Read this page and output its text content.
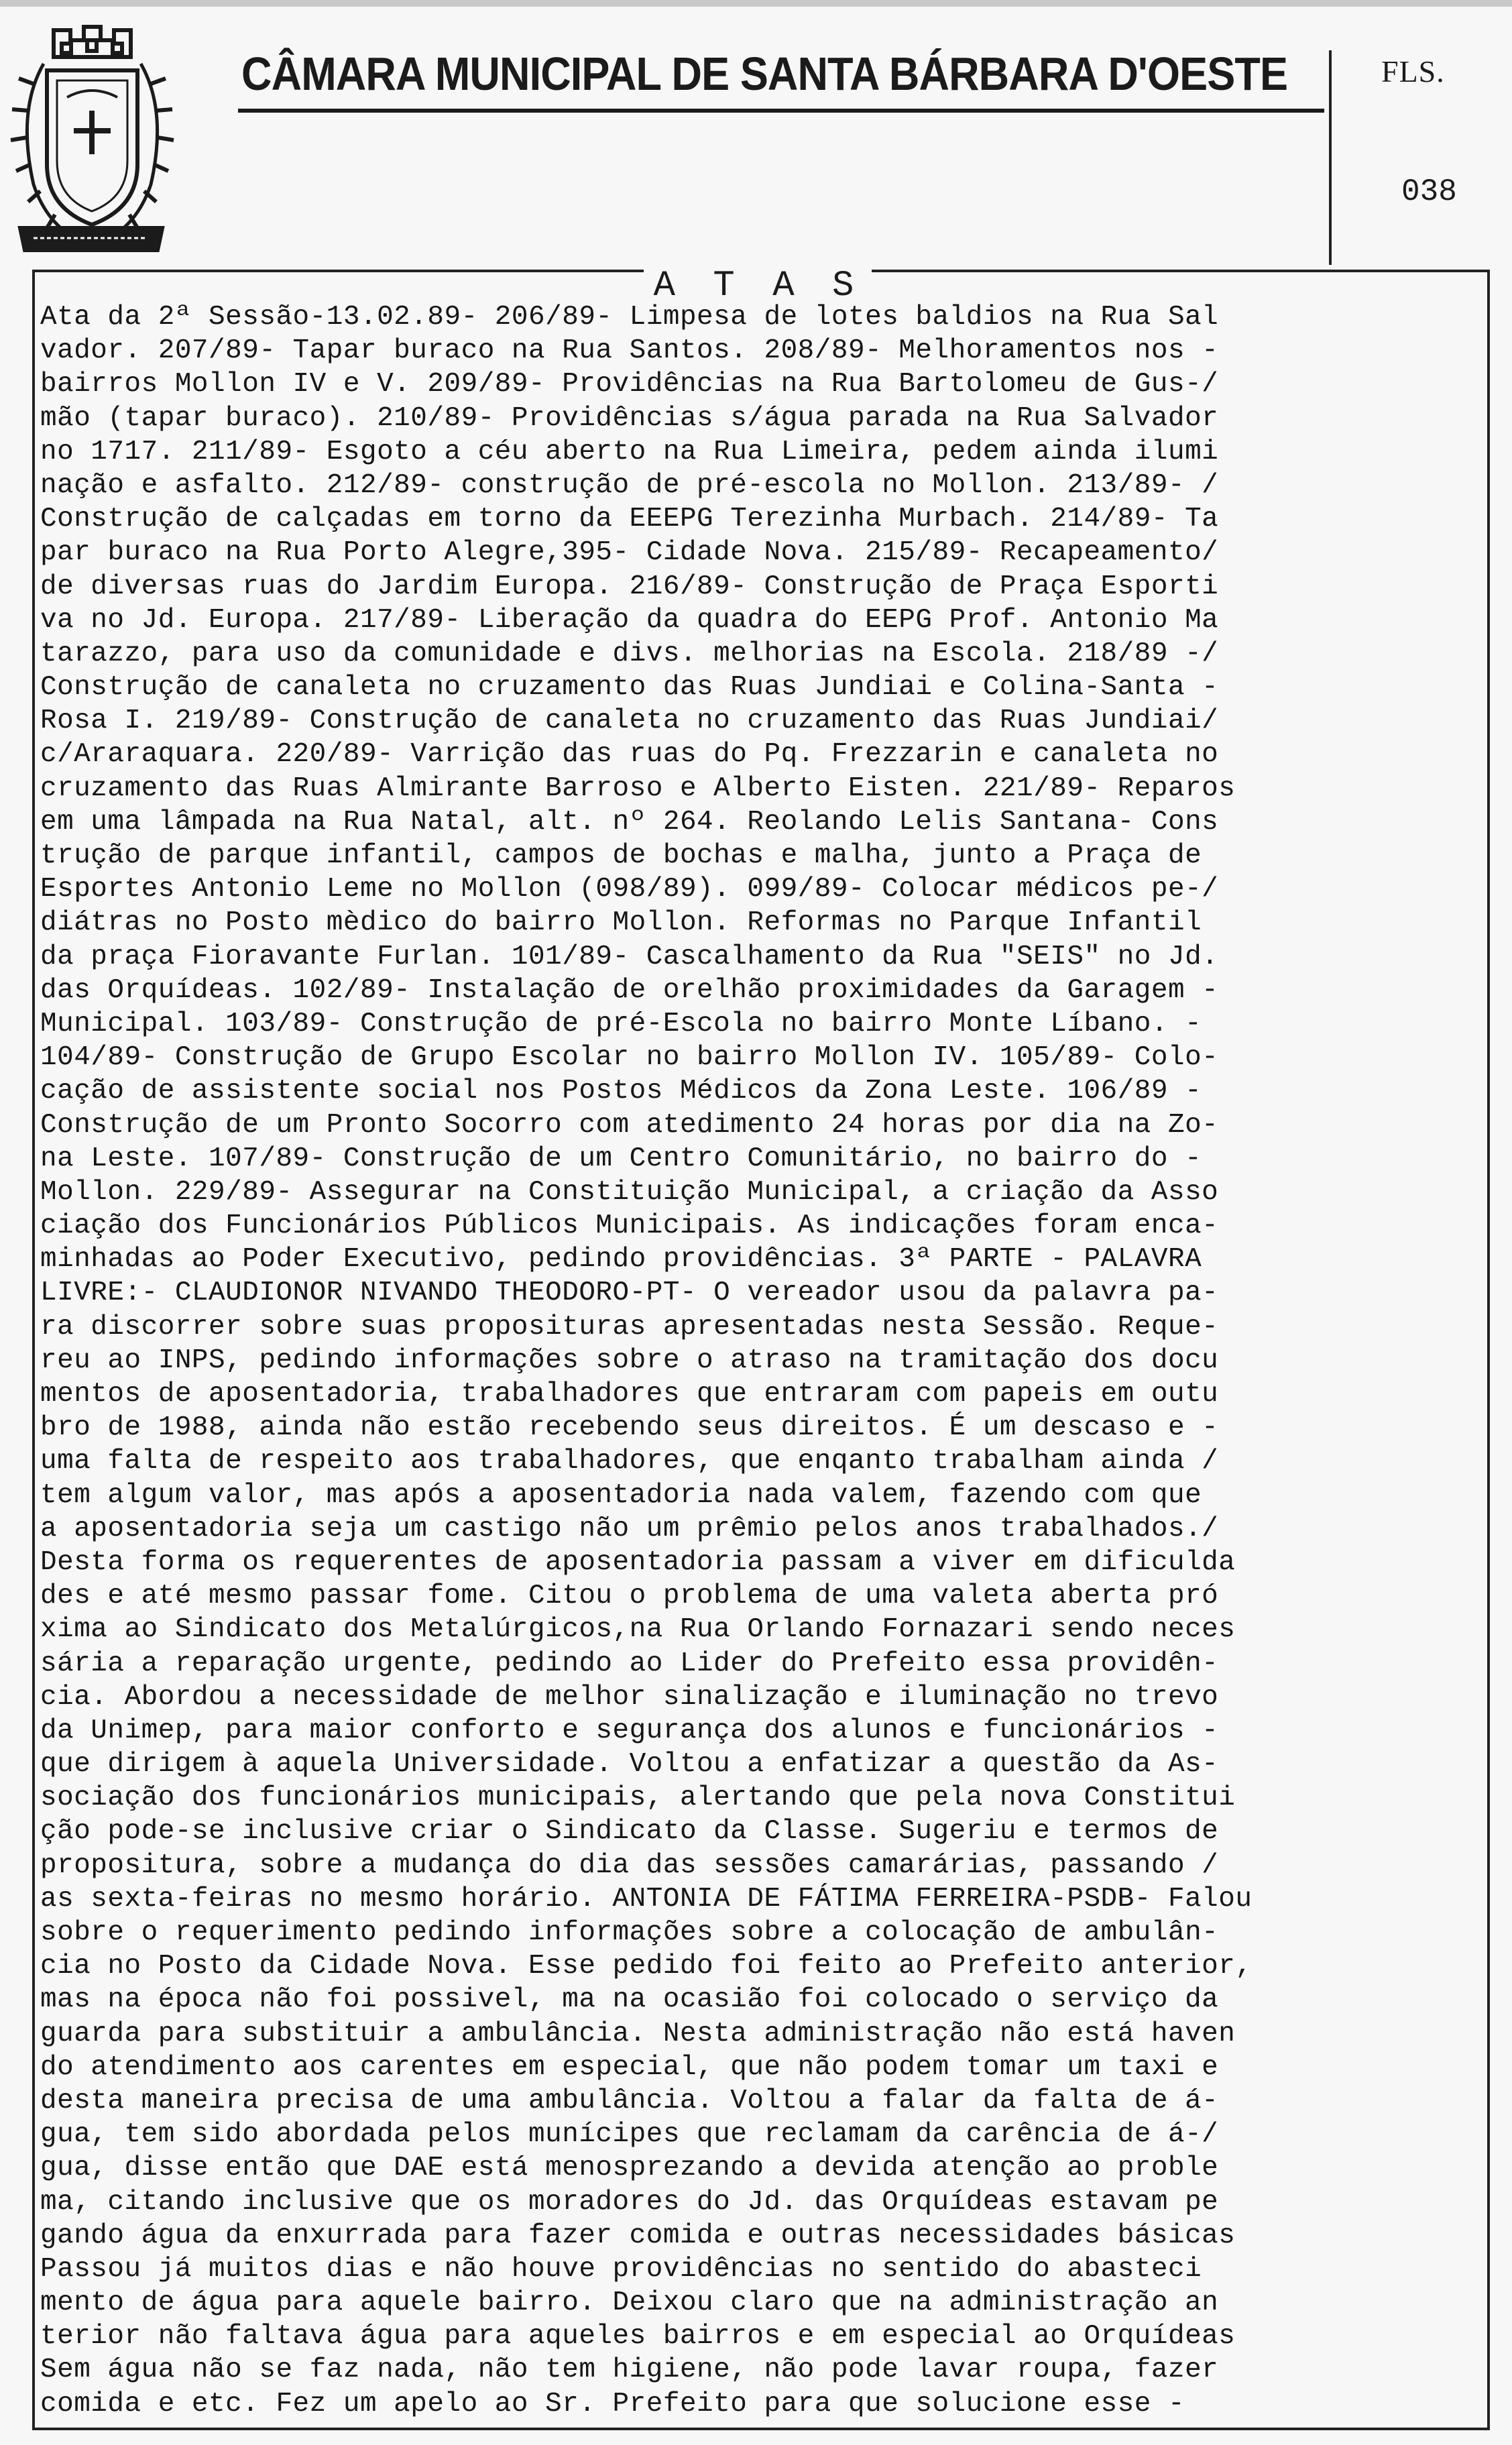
CÂMARA MUNICIPAL DE SANTA BÁRBARA D'OESTE	FLS.
038
A T A S
Ata da 2ª Sessão-13.02.89- 206/89- Limpesa de lotes baldios na Rua Sal
vador. 207/89- Tapar buraco na Rua Santos. 208/89- Melhoramentos nos -
bairros Mollon IV e V. 209/89- Providências na Rua Bartolomeu de Gus-/
mão (tapar buraco). 210/89- Providências s/água parada na Rua Salvador
no 1717. 211/89- Esgoto a céu aberto na Rua Limeira, pedem ainda ilumi
nação e asfalto. 212/89- construção de pré-escola no Mollon. 213/89- /
Construção de calçadas em torno da EEEPG Terezinha Murbach. 214/89- Ta
par buraco na Rua Porto Alegre,395- Cidade Nova. 215/89- Recapeamento/
de diversas ruas do Jardim Europa. 216/89- Construção de Praça Esporti
va no Jd. Europa. 217/89- Liberação da quadra do EEPG Prof. Antonio Ma
tarazzo, para uso da comunidade e divs. melhorias na Escola. 218/89 -/
Construção de canaleta no cruzamento das Ruas Jundiai e Colina-Santa -
Rosa I. 219/89- Construção de canaleta no cruzamento das Ruas Jundiai/
c/Araraquara. 220/89- Varrição das ruas do Pq. Frezzarin e canaleta no
cruzamento das Ruas Almirante Barroso e Alberto Eisten. 221/89- Reparos
em uma lâmpada na Rua Natal, alt. nº 264. Reolando Lelis Santana- Cons
trução de parque infantil, campos de bochas e malha, junto a Praça de
Esportes Antonio Leme no Mollon (098/89). 099/89- Colocar médicos pe-/
diátras no Posto mèdico do bairro Mollon. Reformas no Parque Infantil
da praça Fioravante Furlan. 101/89- Cascalhamento da Rua "SEIS" no Jd.
das Orquídeas. 102/89- Instalação de orelhão proximidades da Garagem -
Municipal. 103/89- Construção de pré-Escola no bairro Monte Líbano. -
104/89- Construção de Grupo Escolar no bairro Mollon IV. 105/89- Colo-
cação de assistente social nos Postos Médicos da Zona Leste. 106/89 -
Construção de um Pronto Socorro com atedimento 24 horas por dia na Zo-
na Leste. 107/89- Construção de um Centro Comunitário, no bairro do -
Mollon. 229/89- Assegurar na Constituição Municipal, a criação da Asso
ciação dos Funcionários Públicos Municipais. As indicações foram enca-
minhadas ao Poder Executivo, pedindo providências. 3ª PARTE - PALAVRA
LIVRE:- CLAUDIONOR NIVANDO THEODORO-PT- O vereador usou da palavra pa-
ra discorrer sobre suas proposituras apresentadas nesta Sessão. Reque-
reu ao INPS, pedindo informações sobre o atraso na tramitação dos docu
mentos de aposentadoria, trabalhadores que entraram com papeis em outu
bro de 1988, ainda não estão recebendo seus direitos. É um descaso e -
uma falta de respeito aos trabalhadores, que enqanto trabalham ainda /
tem algum valor, mas após a aposentadoria nada valem, fazendo com que
a aposentadoria seja um castigo não um prêmio pelos anos trabalhados./
Desta forma os requerentes de aposentadoria passam a viver em dificulda
des e até mesmo passar fome. Citou o problema de uma valeta aberta pró
xima ao Sindicato dos Metalúrgicos,na Rua Orlando Fornazari sendo neces
sária a reparação urgente, pedindo ao Lider do Prefeito essa providên-
cia. Abordou a necessidade de melhor sinalização e iluminação no trevo
da Unimep, para maior conforto e segurança dos alunos e funcionários -
que dirigem à aquela Universidade. Voltou a enfatizar a questão da As-
sociação dos funcionários municipais, alertando que pela nova Constitui
ção pode-se inclusive criar o Sindicato da Classe. Sugeriu e termos de
propositura, sobre a mudança do dia das sessões camarárias, passando /
as sexta-feiras no mesmo horário. ANTONIA DE FÁTIMA FERREIRA-PSDB- Falou
sobre o requerimento pedindo informações sobre a colocação de ambulân-
cia no Posto da Cidade Nova. Esse pedido foi feito ao Prefeito anterior,
mas na época não foi possivel, ma na ocasião foi colocado o serviço da
guarda para substituir a ambulância. Nesta administração não está haven
do atendimento aos carentes em especial, que não podem tomar um taxi e
desta maneira precisa de uma ambulância. Voltou a falar da falta de á-
gua, tem sido abordada pelos munícipes que reclamam da carência de á-/
gua, disse então que DAE está menosprezando a devida atenção ao proble
ma, citando inclusive que os moradores do Jd. das Orquídeas estavam pe
gando água da enxurrada para fazer comida e outras necessidades básicas
Passou já muitos dias e não houve providências no sentido do abasteci
mento de água para aquele bairro. Deixou claro que na administração an
terior não faltava água para aqueles bairros e em especial ao Orquídeas
Sem água não se faz nada, não tem higiene, não pode lavar roupa, fazer
comida e etc. Fez um apelo ao Sr. Prefeito para que solucione esse -
